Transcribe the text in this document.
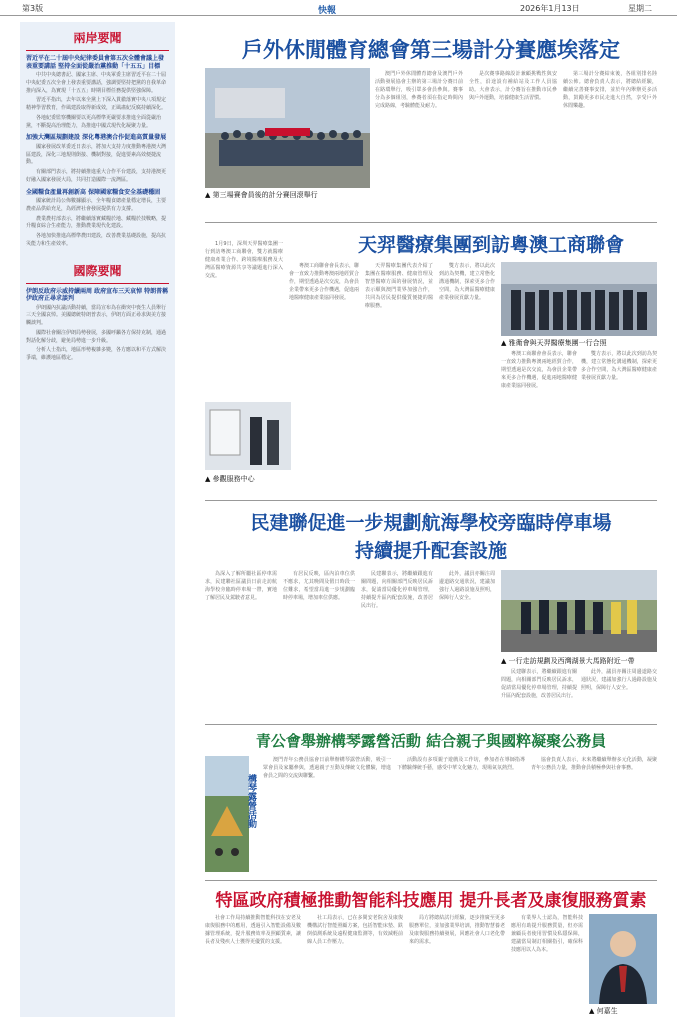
第3版	快報	2026年1月13日	星期二
兩岸要聞
習近平在二十屆中央紀律委員會第五次全體會議上發表重要講話 堅持全面從嚴治黨推動「十五五」目標

中共中央總書記、國家主席、中央軍委主席習近平在二十屆中央紀委五次全會上發表重要講話，強調要堅持把黨的自我革命推向深入，為實現「十五五」時期目標任務提供堅強保障。

習近平指出，去年以來全黨上下深入貫徹落實中央八項規定精神學習教育，作風建設取得新成效，正風肅紀反腐持續深化。

各地紀委監察機關要以更高標準更嚴要求推進全面從嚴治黨，不斷提高治理能力，為推進中國式現代化凝聚力量。

加強大灣區規劃建設 深化粵港澳合作促進高質量發展

國家發展改革委近日表示，將加大支持力度推動粵港澳大灣區建設，深化三地規則銜接、機制對接，促進要素高效便捷流動。

有關部門表示，將持續推進重大合作平台建設，支持港澳更好融入國家發展大局，共同打造國際一流灣區。

全國糧食產量再創新高 保障國家糧食安全基礎穩固

國家統計局公佈數據顯示，全年糧食總產量穩定增長，主要農產品供給充足，為經濟社會發展提供有力支撐。

農業農村部表示，將繼續落實藏糧於地、藏糧於技戰略，提升糧食綜合生產能力，推動農業現代化建設。

各地加快推進高標準農田建設，改善農業基礎設施，提高抗災能力和生產效率。

國際要聞
伊朗反政府示威持續兩周 政府宣布三天哀悼 特朗普稱伊政府正尋求談判

伊朗國內抗議活動持續，當局宣布為在衝突中喪生人員舉行三天全國哀悼。美國總統特朗普表示，伊朗方面正尋求與美方接觸談判。

國際社會關注伊朗局勢發展，多國呼籲各方保持克制，通過對話化解分歧，避免局勢進一步升級。

分析人士指出，地區形勢複雜多變，各方應以和平方式解決爭端，維護地區穩定。

戶外休閒體育總會第三場計分賽應埃落定
▲ 第三場賽會員後的計分賽回滾舉行
澳門戶外休閒體育總會及澳門戶外活動發展協會主辦的第三場計分賽日前在路環舉行，吸引眾多會員參與。賽事分為多個組別，參賽者須在指定時間內完成路線，考驗體能及耐力。
是次賽事路線設計兼顧挑戰性與安全性，沿途設有補給站及工作人員協助。大會表示，計分賽旨在推動市民參與戶外運動，培養健康生活習慣。
第三場計分賽結束後，各組別排名陸續公佈。總會負責人表示，將總結經驗，繼續完善賽事安排，並於年內舉辦更多活動，鼓勵更多市民走進大自然，享受戶外休閒樂趣。
天羿醫療集團到訪粵澳工商聯會
1月9日，深圳天羿醫療集團一行到訪粵澳工商聯會，雙方就醫療健康產業合作、跨境醫療服務及大灣區醫療資源共享等議題進行深入交流。
粵澳工商聯會會長表示，聯會一直致力推動粵澳兩地經貿合作，期望透過是次交流，為會員企業帶來更多合作機遇，促進兩地醫療健康產業協同發展。
天羿醫療集團代表介紹了集團在醫療服務、健康管理及智慧醫療方面的發展情況，並表示願與澳門業界加強合作，共同為居民提供優質便捷的醫療服務。
雙方表示，將以此次到訪為契機，建立常態化溝通機制，探索更多合作空間，為大灣區醫療健康產業發展貢獻力量。
▲ 雅衛會與天羿醫療集團一行合照
粵澳工商聯會會長表示，聯會一直致力推動粵澳兩地經貿合作，期望透過是次交流，為會員企業帶來更多合作機遇，促進兩地醫療健康產業協同發展。
雙方表示，將以此次到訪為契機，建立常態化溝通機制，探索更多合作空間，為大灣區醫療健康產業發展貢獻力量。
▲ 參觀服務中心
民建聯促進一步規劃航海學校旁臨時停車場
持續提升配套設施
為深入了解所屬社區停車需求，民建聯社區議員日前走訪航海學校旁臨時停車場一帶，實地了解居民及駕駛者意見。
有居民反映，區內泊車位供不應求，尤其晚間及假日時段一位難求，希望當局進一步規劃臨時停車場，增加車位供應。
民建聯表示，將繼續跟進有關問題，向相關部門反映居民訴求，促請當局優化停車場管理，持續提升區內配套設施，改善居民出行。
此外，議員亦關注周邊道路交通狀況，建議加強行人過路設施及照明，保障行人安全。
▲ 一行走訪規劃及西灣湖景大馬路附近一帶
民建聯表示，將繼續跟進有關問題，向相關部門反映居民訴求，促請當局優化停車場管理，持續提升區內配套設施，改善居民出行。
此外，議員亦關注周邊道路交通狀況，建議加強行人過路設施及照明，保障行人安全。
青公會舉辦構琴露營活動 結合親子與國粹凝聚公務員
構琴露營活動
澳門青年公務員協會日前舉辦構琴露營活動，吸引一眾會員及家屬參與，透過親子互動及傳統文化體驗，增進會員之間的交流與聯繫。
活動設有多項親子遊戲及工作坊，參加者在導師指導下體驗傳統手藝，感受中華文化魅力，現場氣氛熱烈。
協會負責人表示，未來將繼續舉辦多元化活動，凝聚青年公務員力量，推動會員積極參與社會事務。
特區政府積極推動智能科技應用 提升長者及康復服務質素
社會工作局持續推動智能科技在安老及康復服務中的應用，透過引入智能設備及數據管理系統，提升服務效率及照顧質素，讓長者及殘疾人士獲得更優質的支援。
社工局表示，已在多間安老院舍及康復機構試行智能照顧方案，包括智能床墊、跌倒偵測系統及遠程健康監測等，有效減輕前線人員工作壓力。
局方將總結試行經驗，逐步推廣至更多服務單位，並加強業界培訓，推動智慧養老及康復服務持續發展，回應社會人口老化帶來的需求。
有業界人士認為，智能科技應用有助提升服務質量，但亦需兼顧長者使用習慣及私隱保障，建議當局制訂相關指引，確保科技應用以人為本。
▲ 何嘉生
